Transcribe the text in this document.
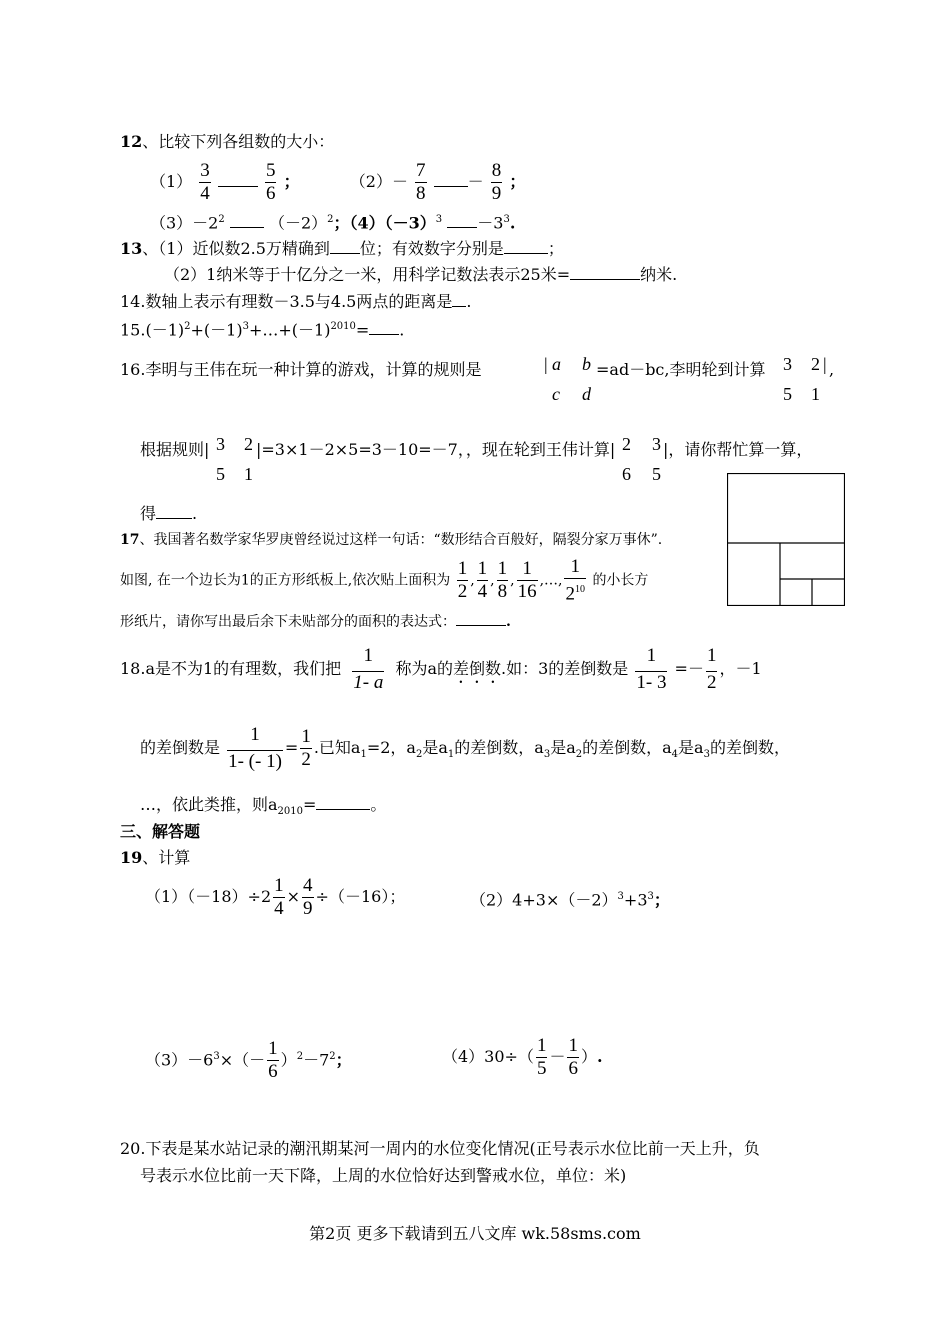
12、比较下列各组数的大小：
$(1) \frac{3}{4}$
	$\frac{5}{6}$ ；	$(2)- \frac{7}{8}$	－ $\frac{8}{9}$ ；
$(3)-2^2$	$(-2)^2$；$(4)(-3)^3 -3^3$.
13、（1）近似数2.5万精确到 位；有效数字分别是	；
（2）1纳米等于十亿分之一米，用科学记数法表示25米=	纳米.
14.数轴上表示有理数－3.5与4.5两点的距离是 .
$15.(-1)^2+(-1)^3+\dots+(-1)^{2010}=$ .
16.李明与王伟在玩一种计算的游戏，计算的规则是	| a b
c d
=ad－bc,李明轮到计算 3 2 |
5 1
,
根据规则| 3 2
5 1
|=3×1－2×5=3－10=－7，，现在轮到王伟计算| 2 3
6 5
|，请你帮忙算一算，
得 .
17、我国著名数学家华罗庚曾经说过这样一句话：“数形结合百般好，隔裂分家万事休”.
如图, 在一个边长为1的正方形纸板上,依次贴上面积为 $\frac{1}{2}$ , $\frac{1}{4}$ , $\frac{1}{8}$ , $\frac{1}{16}$ ,…, $\frac{1}{2^{10}}$ 的小长方
形纸片，请你写出最后余下未贴部分的面积的表达式：	.
18.a是不为1的有理数，我们把 $\frac{1}{1- a}$ 称为a的差倒数.如：3的差倒数是 $\frac{1}{1- 3} =- \frac{1}{2}$ ，－1
的差倒数是 $\frac{1}{1- (- 1)} = \frac{1}{2}$ .已知$a_1=2$，$a_2$是$a_1$的差倒数，$a_3$是$a_2$的差倒数，$a_4$是$a_3$的差倒数，
…，依此类推，则$a_{2010}=$	。
三、解答题
19、计算
$(1)(-18)\div 2 \frac{1}{4} \times \frac{4}{9} \div(-16)$；	$(2)4+3\times(-2)^3+3^3$；
$(3)-6^3\times(- \frac{1}{6} )^2-7^2$；	$(4)30\div( \frac{1}{5} - \frac{1}{6}$ ）.
20.下表是某水站记录的潮汛期某河一周内的水位变化情况(正号表示水位比前一天上升，负
号表示水位比前一天下降，上周的水位恰好达到警戒水位，单位：米)
第2页 更多下载请到五八文库 wk.58sms.com
